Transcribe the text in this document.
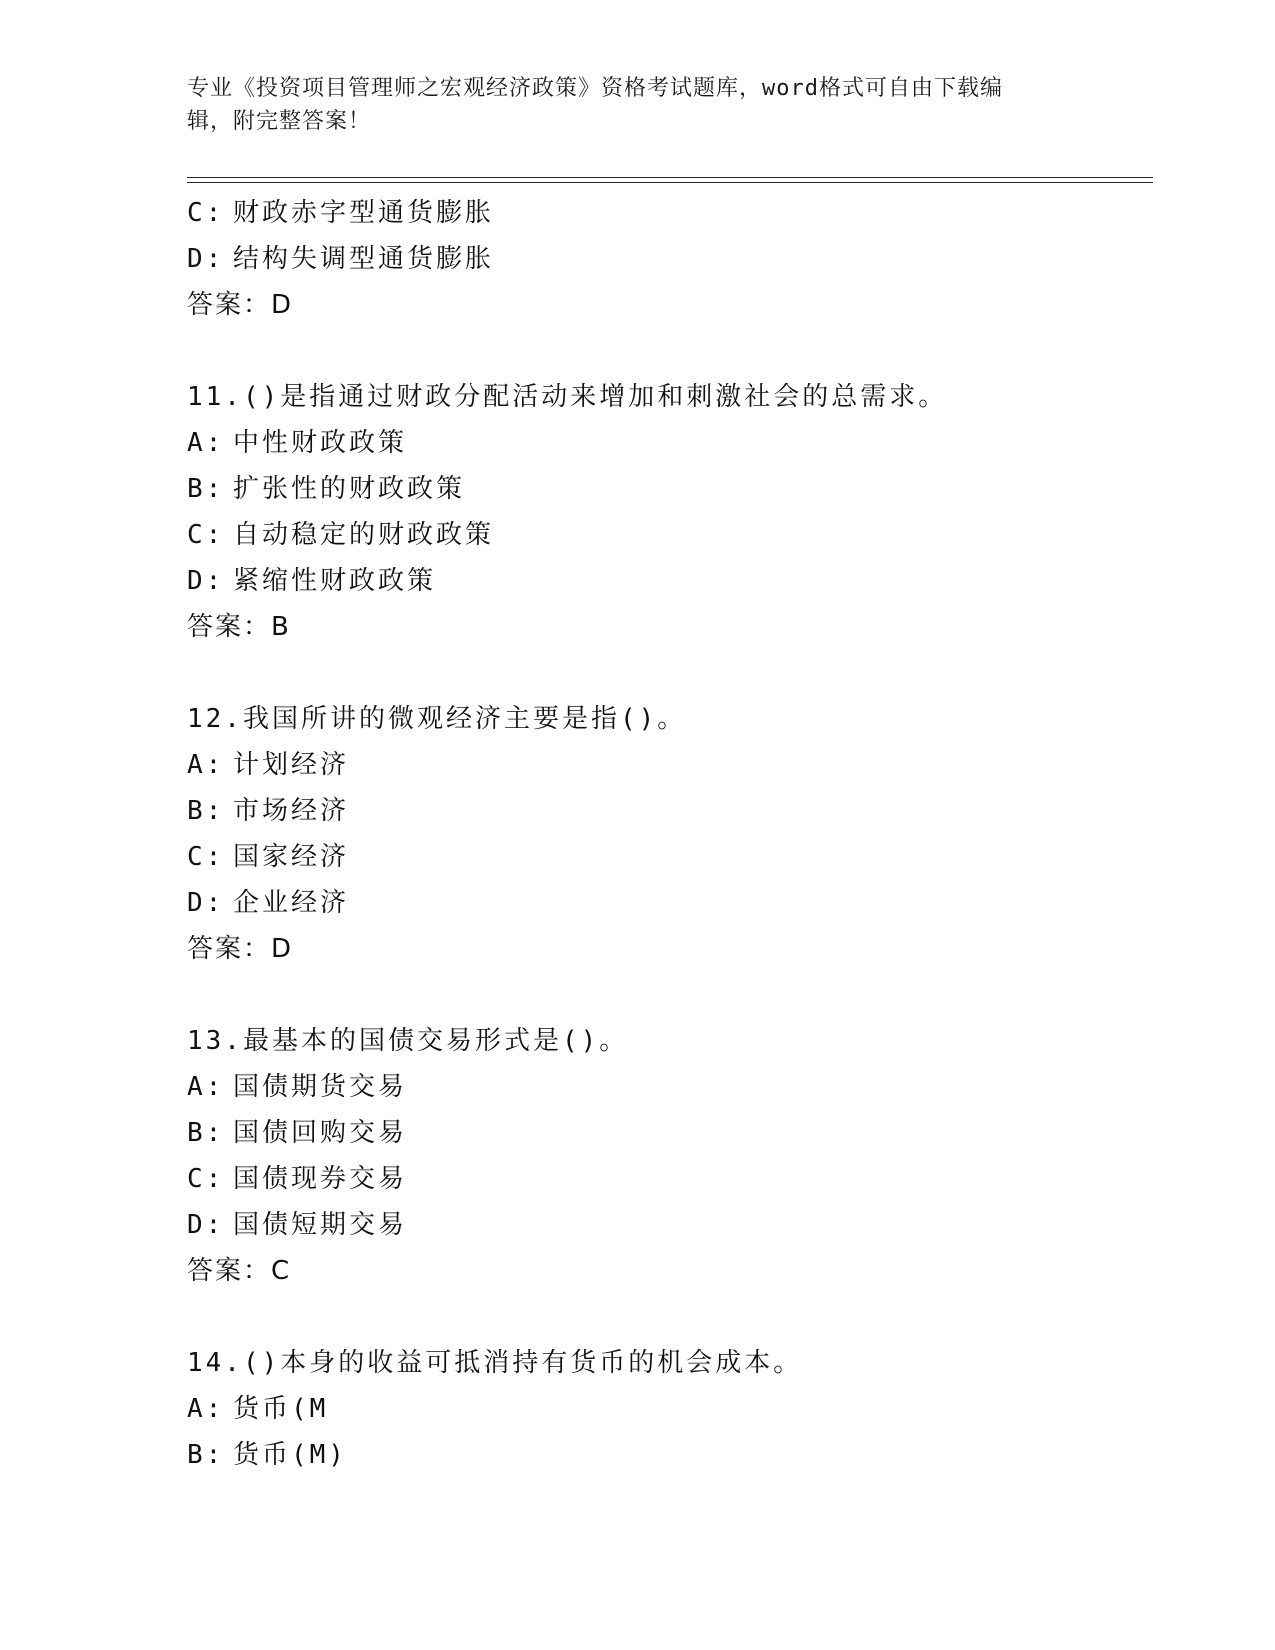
专业《投资项目管理师之宏观经济政策》资格考试题库，word格式可自由下载编
辑，附完整答案！
C: 财政赤字型通货膨胀
D: 结构失调型通货膨胀
答案：D
11.()是指通过财政分配活动来增加和刺激社会的总需求。
A: 中性财政政策
B: 扩张性的财政政策
C: 自动稳定的财政政策
D: 紧缩性财政政策
答案：B
12.我国所讲的微观经济主要是指()。
A: 计划经济
B: 市场经济
C: 国家经济
D: 企业经济
答案：D
13.最基本的国债交易形式是()。
A: 国债期货交易
B: 国债回购交易
C: 国债现券交易
D: 国债短期交易
答案：C
14.()本身的收益可抵消持有货币的机会成本。
A: 货币(M
B: 货币(M)
